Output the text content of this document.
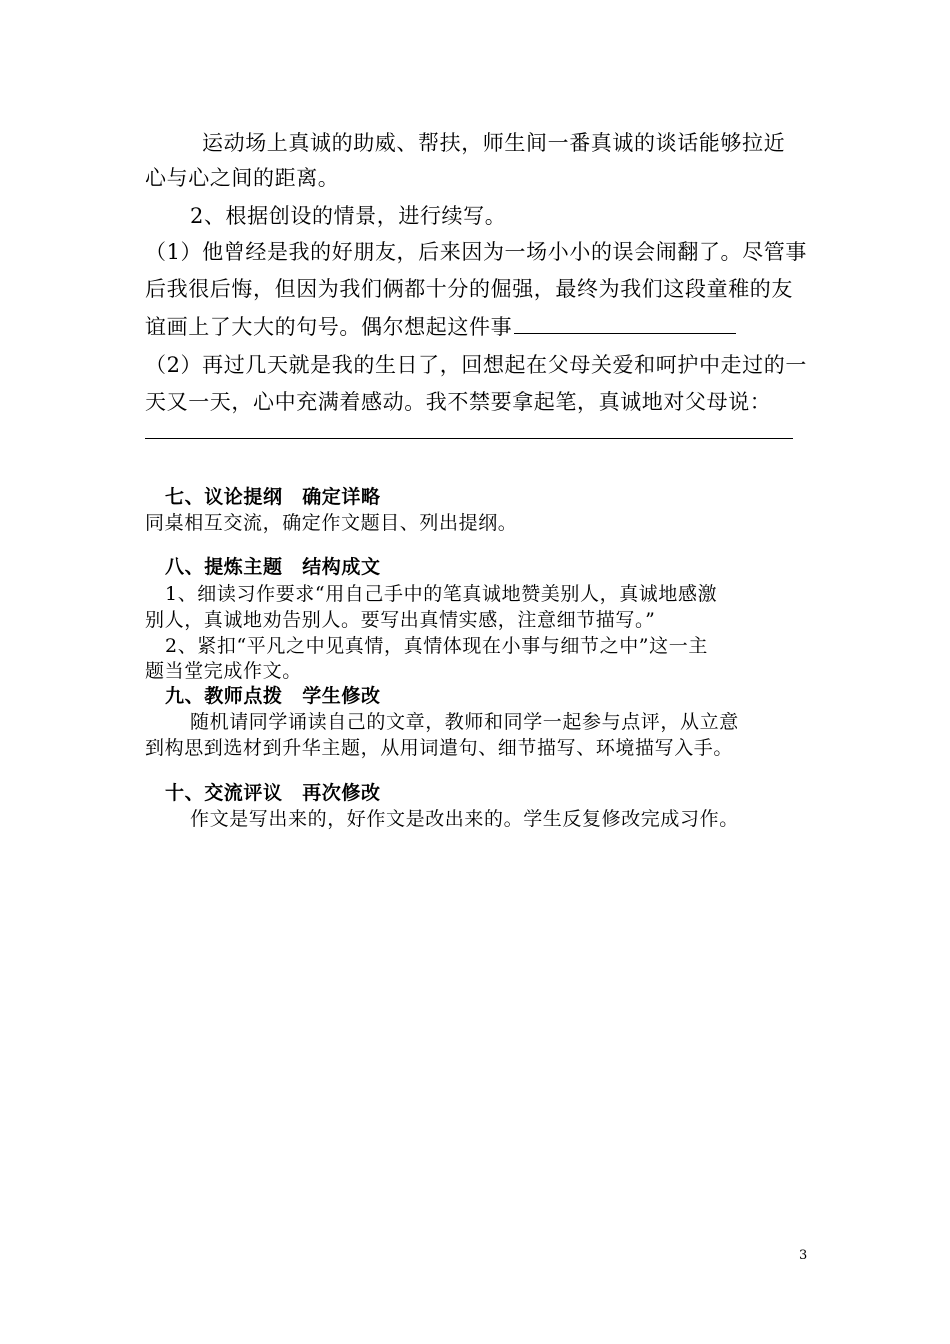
运动场上真诚的助威、帮扶，师生间一番真诚的谈话能够拉近
心与心之间的距离。
2、根据创设的情景，进行续写。
（1）他曾经是我的好朋友，后来因为一场小小的误会闹翻了。尽管事
后我很后悔，但因为我们俩都十分的倔强，最终为我们这段童稚的友
谊画上了大大的句号。偶尔想起这件事
（2）再过几天就是我的生日了，回想起在父母关爱和呵护中走过的一
天又一天，心中充满着感动。我不禁要拿起笔，真诚地对父母说：
七、议论提纲　确定详略
同桌相互交流，确定作文题目、列出提纲。
八、提炼主题　结构成文
1、细读习作要求“用自己手中的笔真诚地赞美别人，真诚地感激
别人，真诚地劝告别人。要写出真情实感，注意细节描写。”
2、紧扣“平凡之中见真情，真情体现在小事与细节之中”这一主
题当堂完成作文。
九、教师点拨　学生修改
随机请同学诵读自己的文章，教师和同学一起参与点评，从立意
到构思到选材到升华主题，从用词遣句、细节描写、环境描写入手。
十、交流评议　再次修改
作文是写出来的，好作文是改出来的。学生反复修改完成习作。
3
